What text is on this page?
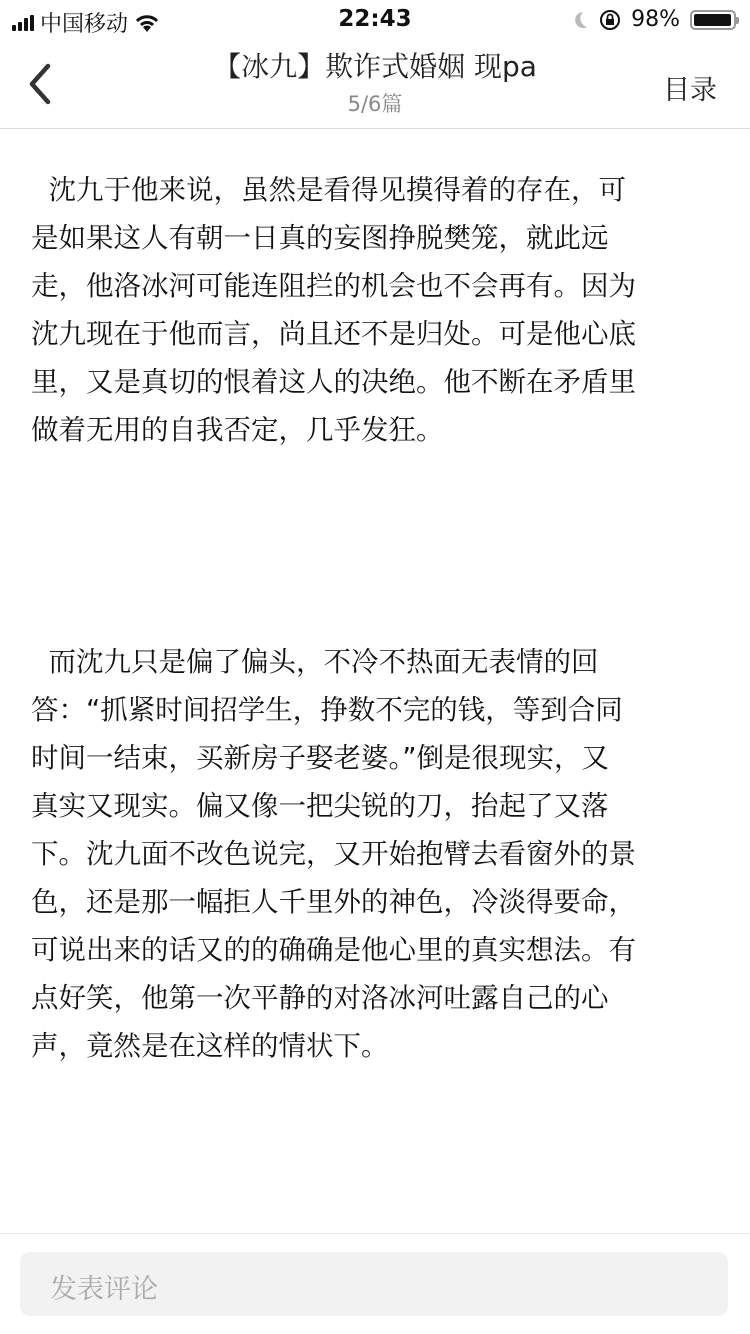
中国移动	22:43	98%
【冰九】欺诈式婚姻 现pa
5/6篇	目录
沈九于他来说，虽然是看得见摸得着的存在，可
是如果这人有朝一日真的妄图挣脱樊笼，就此远
走，他洛冰河可能连阻拦的机会也不会再有。因为
沈九现在于他而言，尚且还不是归处。可是他心底
里，又是真切的恨着这人的决绝。他不断在矛盾里
做着无用的自我否定，几乎发狂。
而沈九只是偏了偏头，不冷不热面无表情的回
答：“抓紧时间招学生，挣数不完的钱，等到合同
时间一结束，买新房子娶老婆。”倒是很现实，又
真实又现实。偏又像一把尖锐的刀，抬起了又落
下。沈九面不改色说完，又开始抱臂去看窗外的景
色，还是那一幅拒人千里外的神色，冷淡得要命，
可说出来的话又的的确确是他心里的真实想法。有
点好笑，他第一次平静的对洛冰河吐露自己的心
声，竟然是在这样的情状下。
发表评论
